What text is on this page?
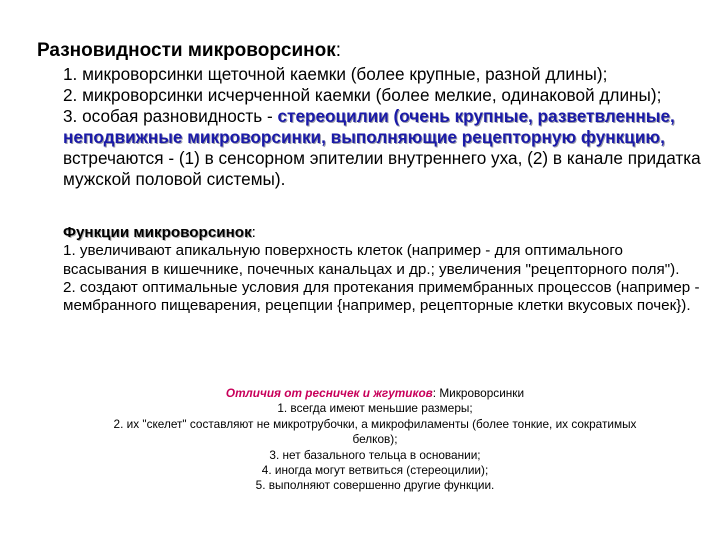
Разновидности микроворсинок:

1. микроворсинки щеточной каемки (более крупные, разной длины);

2. микроворсинки исчерченной каемки (более мелкие, одинаковой длины);

3. особая разновидность - стереоцилии (очень крупные, разветвленные, неподвижные микроворсинки, выполняющие рецепторную функцию, встречаются - (1) в сенсорном эпителии внутреннего уха, (2) в канале придатка мужской половой системы).

Функции микроворсинок:

1. увеличивают апикальную поверхность клеток (например - для оптимального всасывания в кишечнике, почечных канальцах и др.; увеличения "рецепторного поля").

2. создают оптимальные условия для протекания примембранных процессов (например - мембранного пищеварения, рецепции {например, рецепторные клетки вкусовых почек}).

Отличия от ресничек и жгутиков: Микроворсинки

1. всегда имеют меньшие размеры;

2. их "скелет" составляют не микротрубочки, а микрофиламенты (более тонкие, их сократимых белков);

3. нет базального тельца в основании;

4. иногда могут ветвиться (стереоцилии);

5. выполняют совершенно другие функции.
